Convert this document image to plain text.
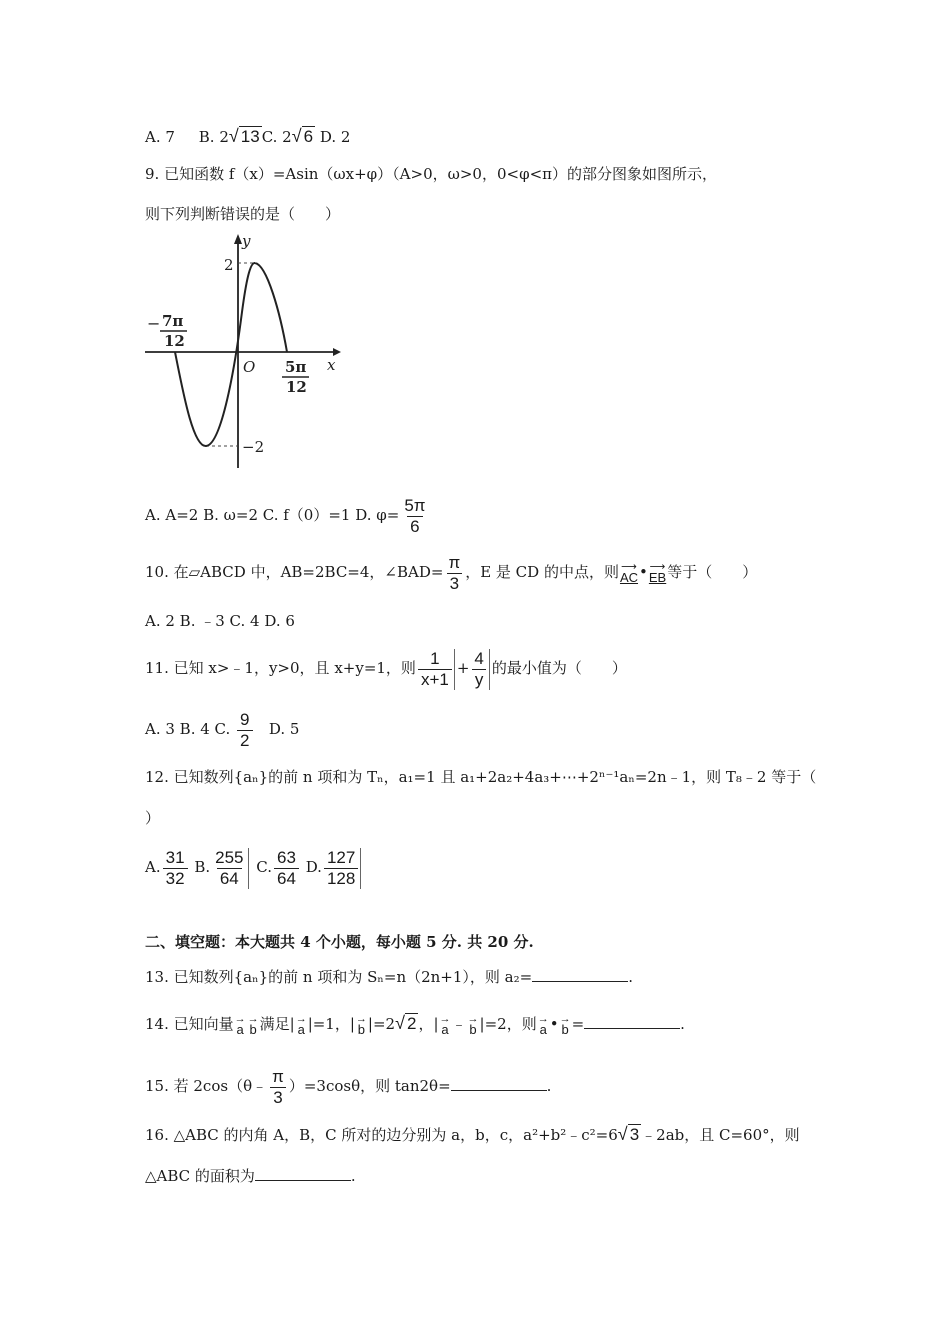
A. 7 B. 2√ 13 C. 2√ 6 D. 2
9. 已知函数 f（x）=Asin（ωx+φ）（A>0，ω>0，0<φ<π）的部分图象如图所示，
则下列判断错误的是（　　）
y
x
O
2
−2
− 7π
12
5π
12
A. A=2 B. ω=2 C. f（0）=1 D. $\varphi= \frac{5\pi}{6}$
10. 在▱ABCD 中，AB=2BC=4，∠BAD= $\frac{\pi}{3}$ ，E 是 CD 的中点，则 ⟶
AC • ⟶
EB 等于（　　）
A. 2 B. ﹣3 C. 4 D. 6
11. 已知 x>﹣1，y>0，且 x+y=1，则 $\frac{1}{x+1} + \frac{4}{y}$ 的最小值为（　　）
A. 3 B. 4 C. $\frac{9}{2} D$. 5
12. 已知数列{aₙ}的前 n 项和为 Tₙ，a₁=1 且 a₁+2a₂+4a₃+⋯+2ⁿ⁻¹aₙ=2n﹣1，则 T₈﹣2 等于（
）
A. $\frac{31}{32} B$. $\frac{255}{64} C$. $\frac{63}{64} D$. $\frac{127}{128}$
二、填空题：本大题共 4 个小题，每小题 5 分. 共 20 分.
13. 已知数列{aₙ}的前 n 项和为 Sₙ=n（2n+1），则 a₂=	.
14. 已知向量 →
a
→
b 满足| →
a |=1，| →
b |=2√ 2 ，| →
a ﹣ →
b |=2，则 →
a • →
b =	.
15. 若 2cos（θ﹣ $\frac{\pi}{3} )=3\cos\theta$，则 tan2θ=	.
16. △ABC 的内角 A，B，C 所对的边分别为 a，b，c，a²+b²﹣c²=6√ 3 ﹣2ab，且 C=60°，则
△ABC 的面积为	.
